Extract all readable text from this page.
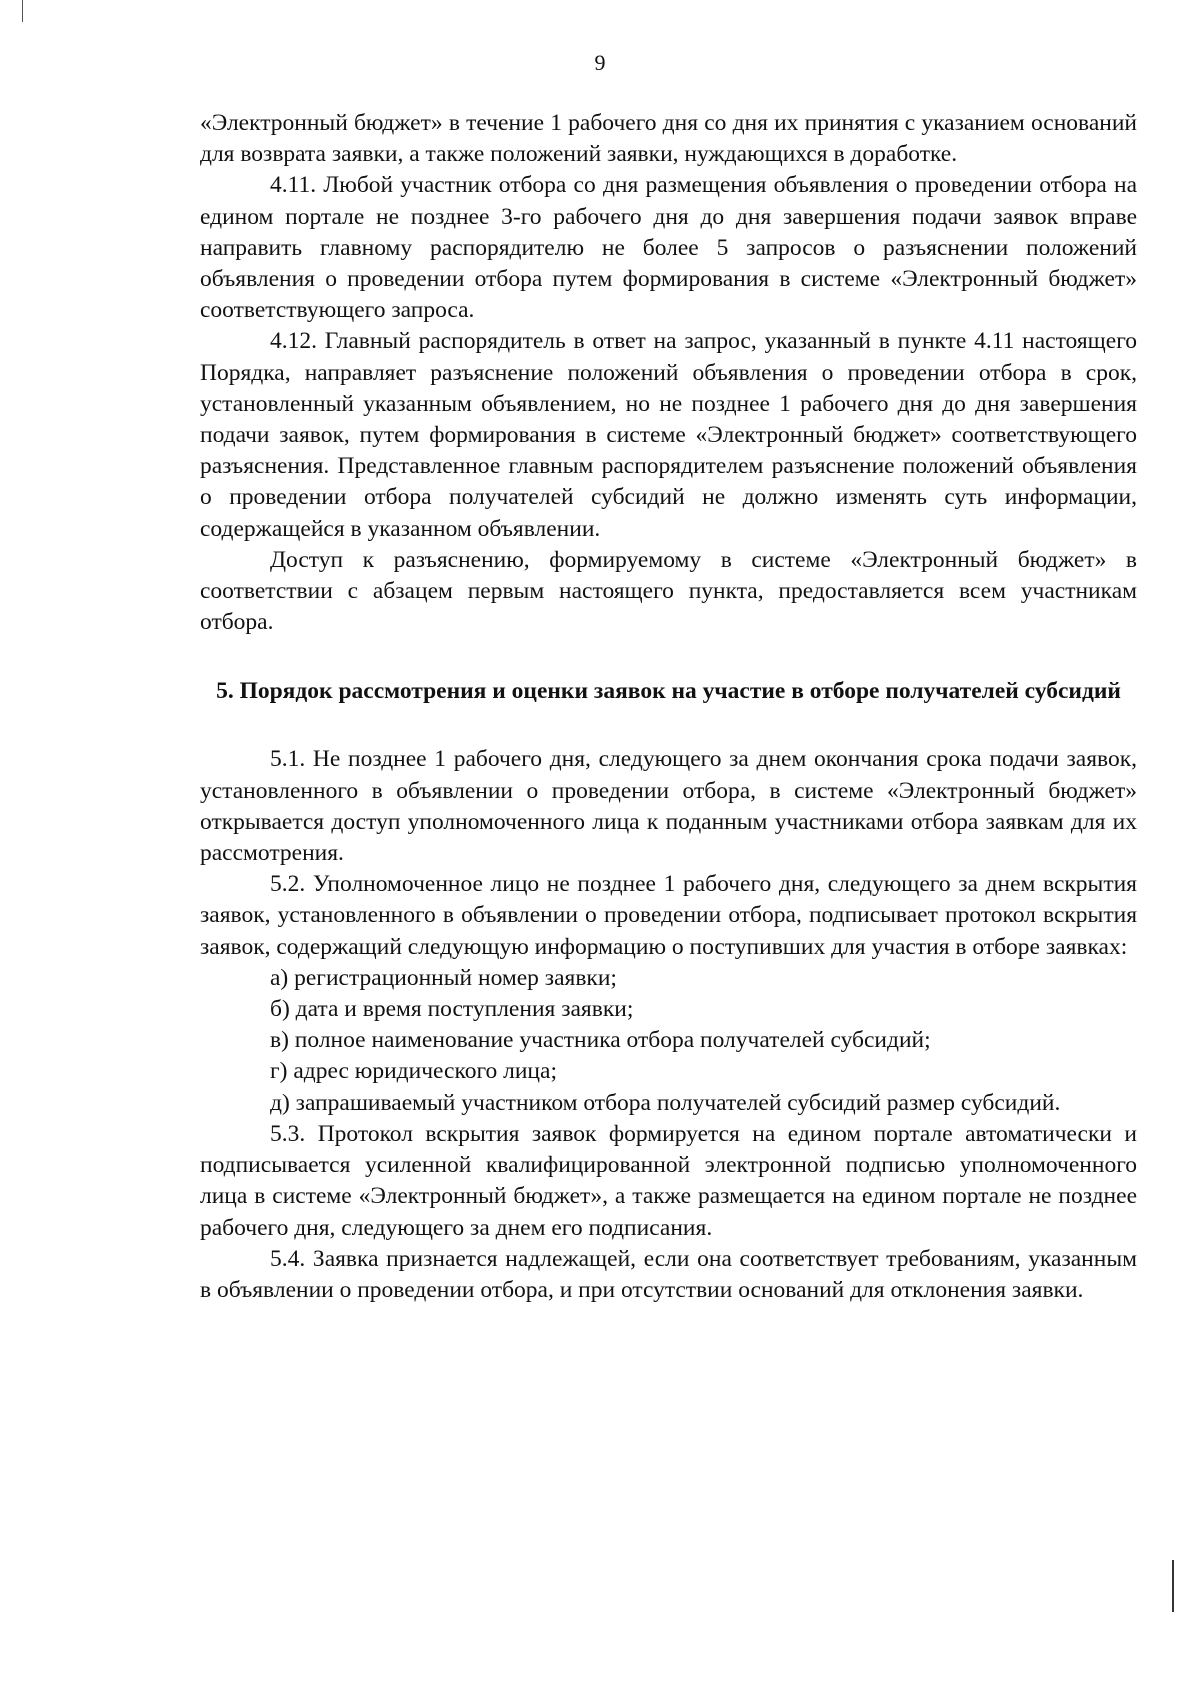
9

«Электронный бюджет» в течение 1 рабочего дня со дня их принятия с указанием оснований для возврата заявки, а также положений заявки, нуждающихся в доработке.

4.11. Любой участник отбора со дня размещения объявления о проведении отбора на едином портале не позднее 3-го рабочего дня до дня завершения подачи заявок вправе направить главному распорядителю не более 5 запросов о разъяснении положений объявления о проведении отбора путем формирования в системе «Электронный бюджет» соответствующего запроса.

4.12. Главный распорядитель в ответ на запрос, указанный в пункте 4.11 настоящего Порядка, направляет разъяснение положений объявления о проведении отбора в срок, установленный указанным объявлением, но не позднее 1 рабочего дня до дня завершения подачи заявок, путем формирования в системе «Электронный бюджет» соответствующего разъяснения. Представленное главным распорядителем разъяснение положений объявления о проведении отбора получателей субсидий не должно изменять суть информации, содержащейся в указанном объявлении.

Доступ к разъяснению, формируемому в системе «Электронный бюджет» в соответствии с абзацем первым настоящего пункта, предоставляется всем участникам отбора.

5. Порядок рассмотрения и оценки заявок на участие в отборе получателей субсидий

5.1. Не позднее 1 рабочего дня, следующего за днем окончания срока подачи заявок, установленного в объявлении о проведении отбора, в системе «Электронный бюджет» открывается доступ уполномоченного лица к поданным участниками отбора заявкам для их рассмотрения.

5.2. Уполномоченное лицо не позднее 1 рабочего дня, следующего за днем вскрытия заявок, установленного в объявлении о проведении отбора, подписывает протокол вскрытия заявок, содержащий следующую информацию о поступивших для участия в отборе заявках:

а) регистрационный номер заявки;

б) дата и время поступления заявки;

в) полное наименование участника отбора получателей субсидий;

г) адрес юридического лица;

д) запрашиваемый участником отбора получателей субсидий размер субсидий.

5.3. Протокол вскрытия заявок формируется на едином портале автоматически и подписывается усиленной квалифицированной электронной подписью уполномоченного лица в системе «Электронный бюджет», а также размещается на едином портале не позднее рабочего дня, следующего за днем его подписания.

5.4. Заявка признается надлежащей, если она соответствует требованиям, указанным в объявлении о проведении отбора, и при отсутствии оснований для отклонения заявки.
